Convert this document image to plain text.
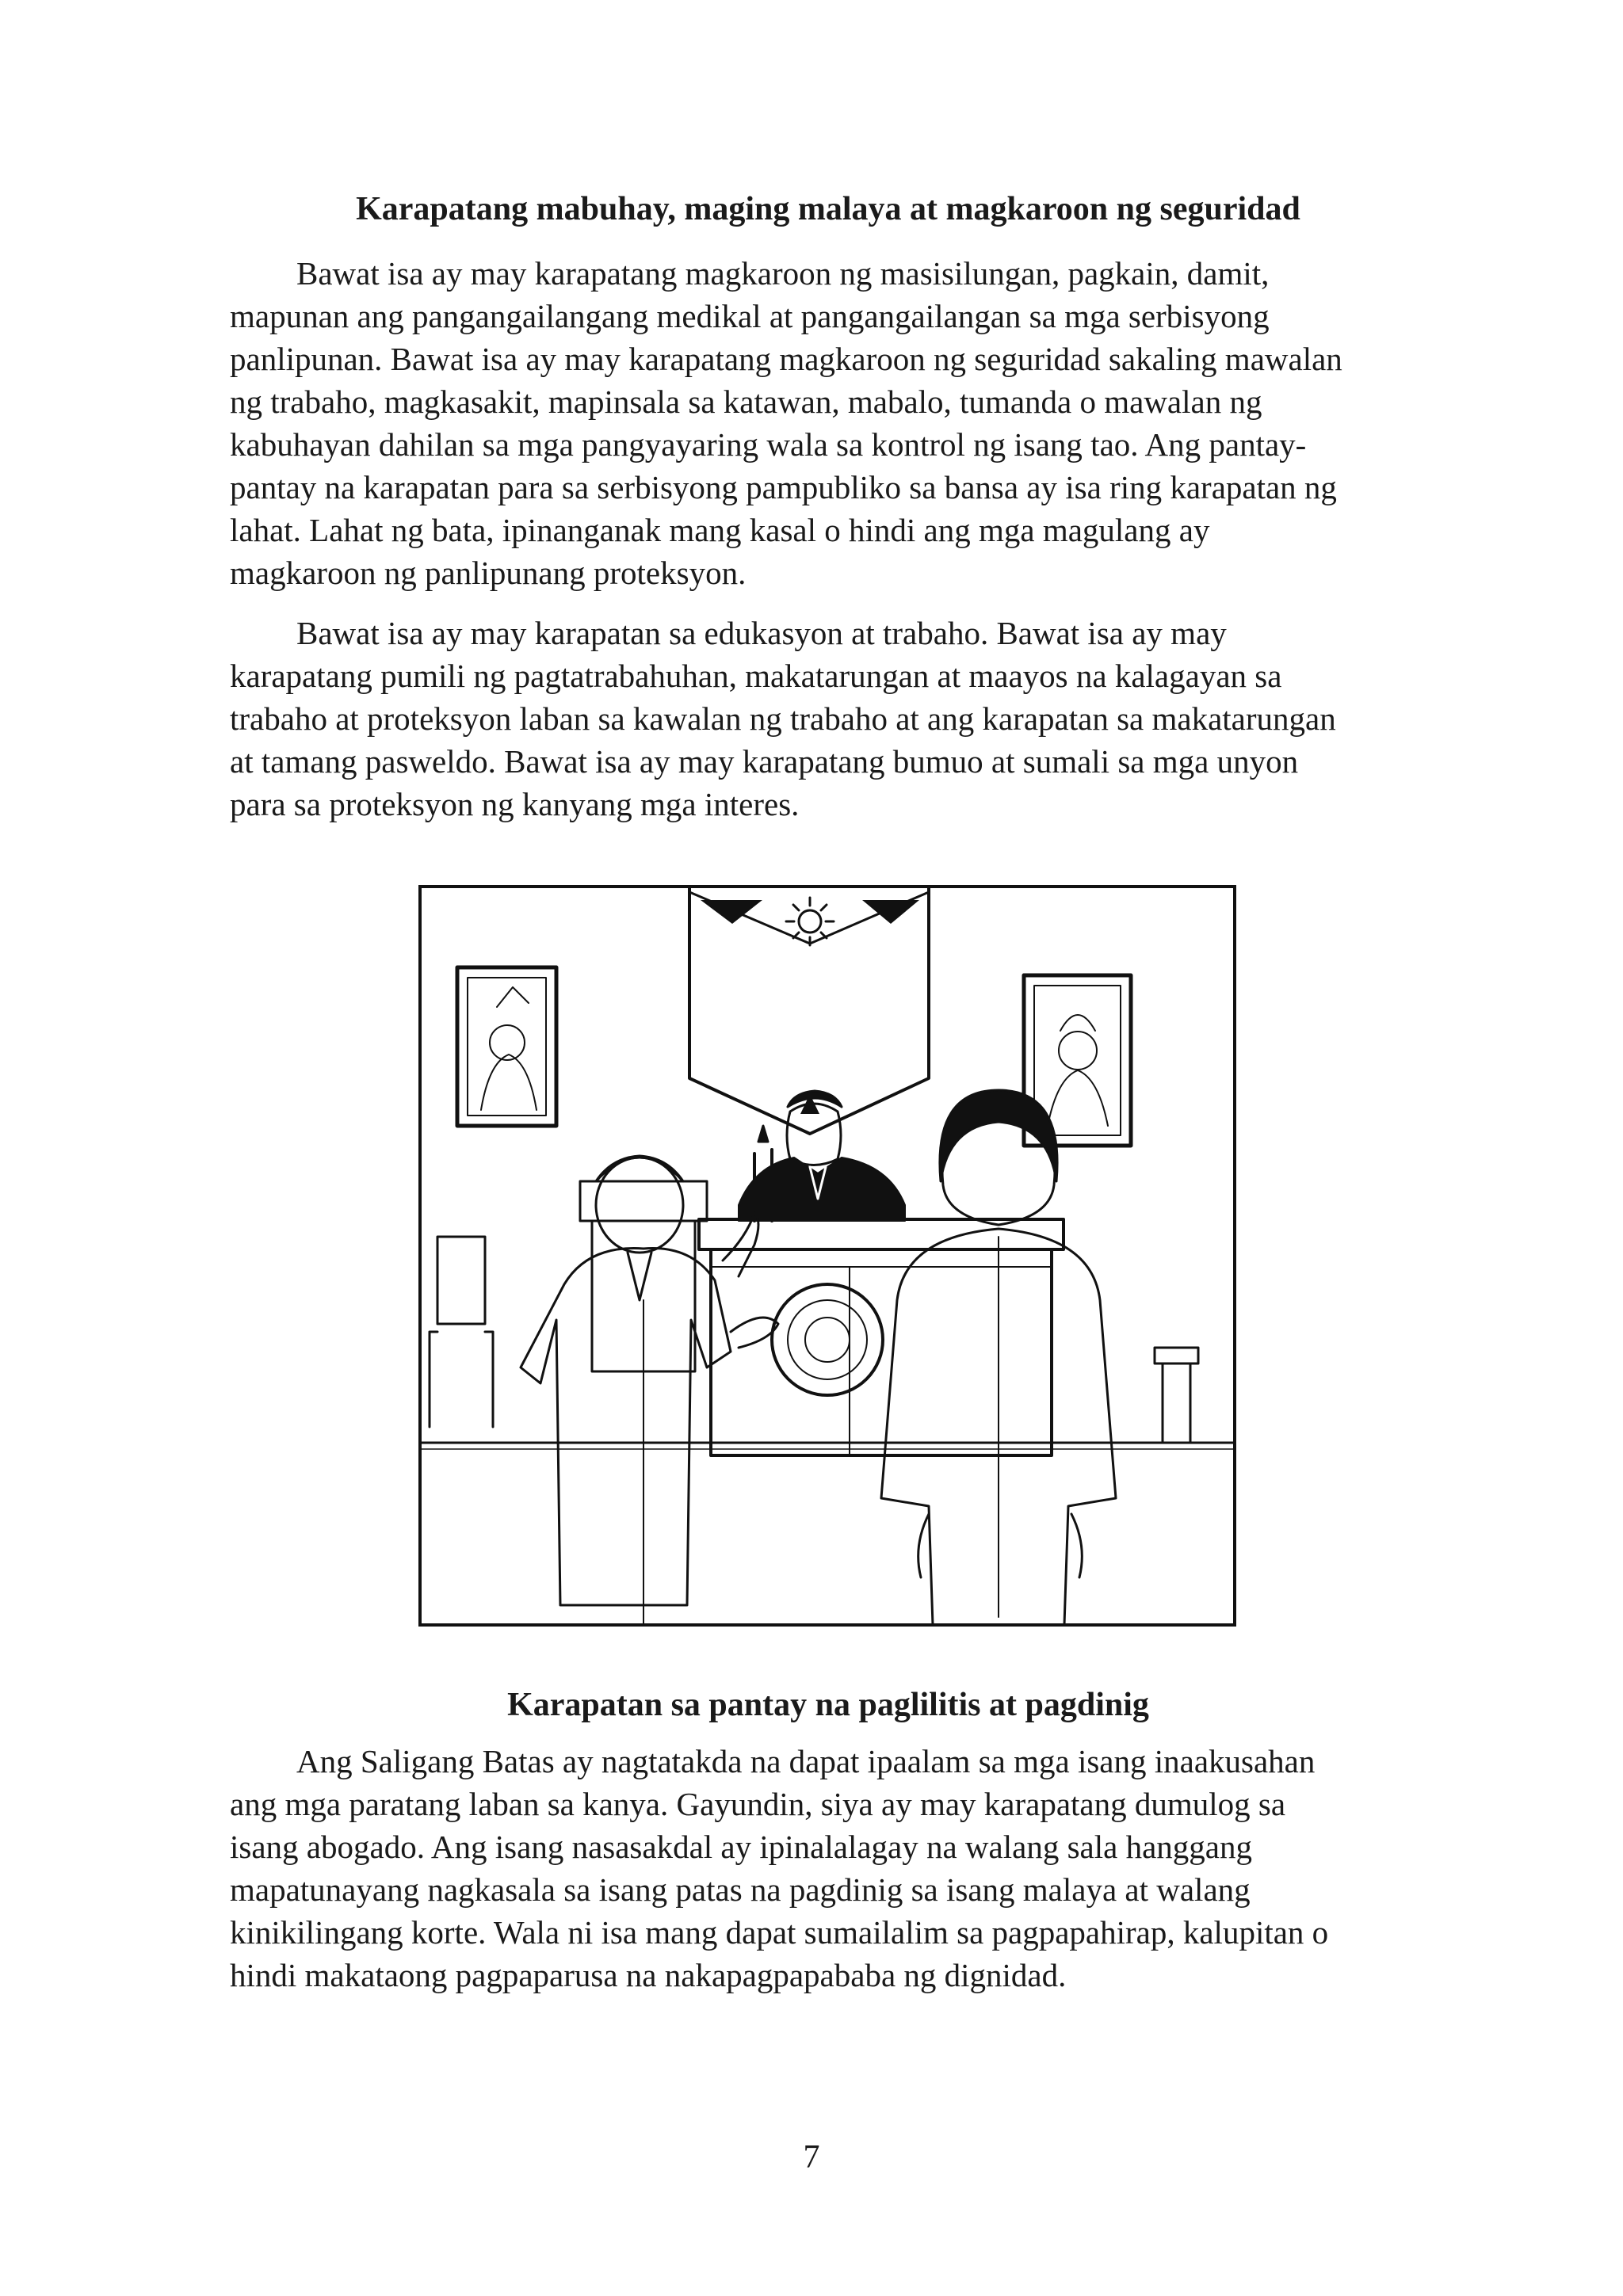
Karapatang mabuhay, maging malaya at magkaroon ng seguridad

Bawat isa ay may karapatang magkaroon ng masisilungan, pagkain, damit,
mapunan ang pangangailangang medikal at pangangailangan sa mga serbisyong
panlipunan. Bawat isa ay may karapatang magkaroon ng seguridad sakaling mawalan
ng trabaho, magkasakit, mapinsala sa katawan, mabalo, tumanda o mawalan ng
kabuhayan dahilan sa mga pangyayaring wala sa kontrol ng isang tao. Ang pantay-
pantay na karapatan para sa serbisyong pampubliko sa bansa ay isa ring karapatan ng
lahat. Lahat ng bata, ipinanganak mang kasal o hindi ang mga magulang ay
magkaroon ng panlipunang proteksyon.

Bawat isa ay may karapatan sa edukasyon at trabaho. Bawat isa ay may
karapatang pumili ng pagtatrabahuhan, makatarungan at maayos na kalagayan sa
trabaho at proteksyon laban sa kawalan ng trabaho at ang karapatan sa makatarungan
at tamang pasweldo. Bawat isa ay may karapatang bumuo at sumali sa mga unyon
para sa proteksyon ng kanyang mga interes.

Karapatan sa pantay na paglilitis at pagdinig

Ang Saligang Batas ay nagtatakda na dapat ipaalam sa mga isang inaakusahan
ang mga paratang laban sa kanya. Gayundin, siya ay may karapatang dumulog sa
isang abogado. Ang isang nasasakdal ay ipinalalagay na walang sala hanggang
mapatunayang nagkasala sa isang patas na pagdinig sa isang malaya at walang
kinikilingang korte. Wala ni isa mang dapat sumailalim sa pagpapahirap, kalupitan o
hindi makataong pagpaparusa na nakapagpapababa ng dignidad.

7
